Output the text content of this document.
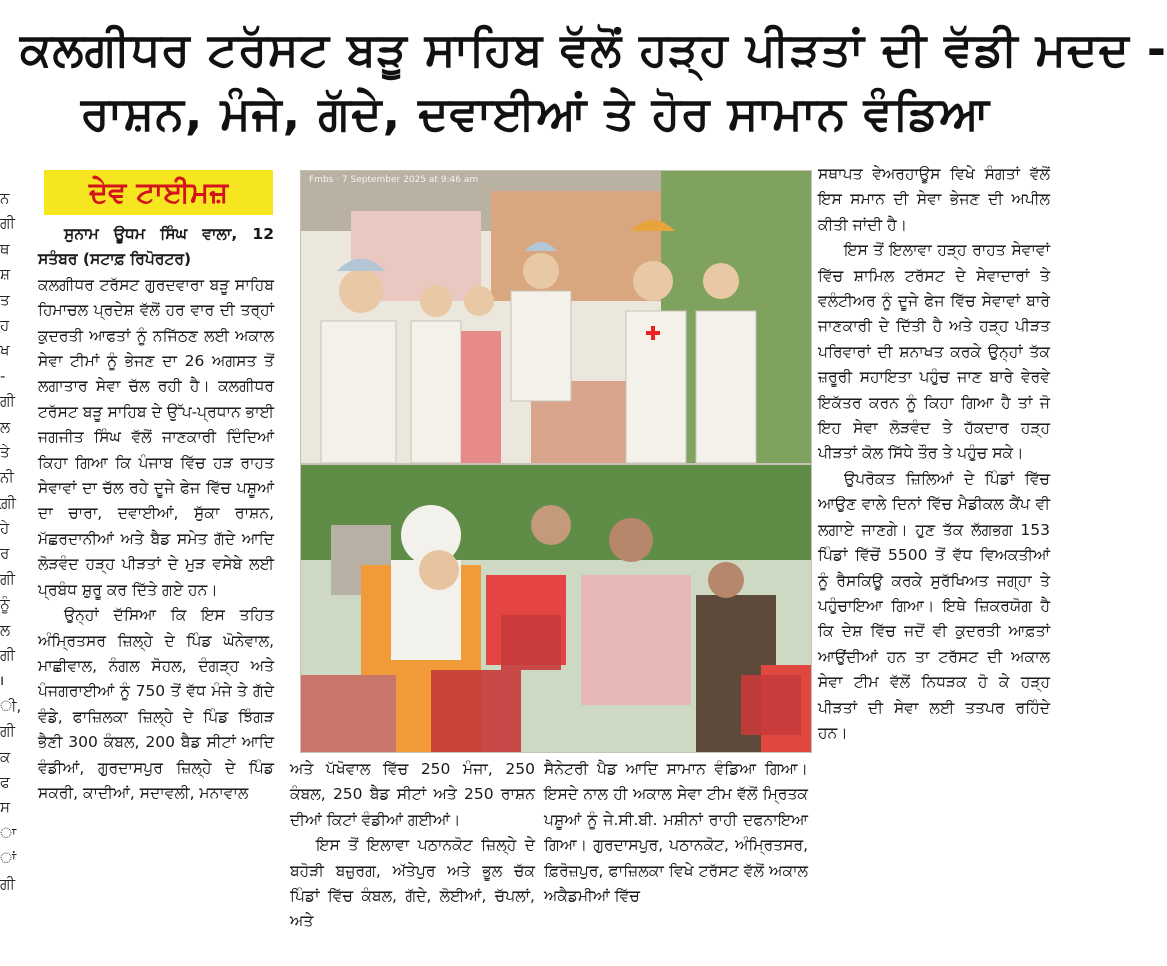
ਕਲਗੀਧਰ ਟਰੱਸਟ ਬੜੂ ਸਾਹਿਬ ਵੱਲੋਂ ਹੜ੍ਹ ਪੀੜਤਾਂ ਦੀ ਵੱਡੀ ਮਦਦ -
ਰਾਸ਼ਨ, ਮੰਜੇ, ਗੱਦੇ, ਦਵਾਈਆਂ ਤੇ ਹੋਰ ਸਾਮਾਨ ਵੰਡਿਆ
ਨ
ਗੀ
ਥ
ਸ਼
ਤ
ਹ
ਖ
-
ਗੀ
ਲ
ਤੇ
ਨੀ
ਗ਼ੀ
ਹੇ
ਰ
ਗੀ
ਨੂੰ
ਲ
ਗੀ
ı
ੀ,
ਗੀ
ਕ
ਫ
ਸ
ਾ
ਾਂ
ਗੀ
ਦੇਵ ਟਾਈਮਜ਼

ਸੁਨਾਮ ਊਧਮ ਸਿੰਘ ਵਾਲਾ, 12 ਸਤੰਬਰ (ਸਟਾਫ਼ ਰਿਪੋਰਟਰ)

ਕਲਗੀਧਰ ਟਰੱਸਟ ਗੁਰਦਵਾਰਾ ਬੜੂ ਸਾਹਿਬ ਹਿਮਾਚਲ ਪ੍ਰਦੇਸ਼ ਵੱਲੋਂ ਹਰ ਵਾਰ ਦੀ ਤਰ੍ਹਾਂ ਕੁਦਰਤੀ ਆਫਤਾਂ ਨੂੰ ਨਜਿੱਠਣ ਲਈ ਅਕਾਲ ਸੇਵਾ ਟੀਮਾਂ ਨੂੰ ਭੇਜਣ ਦਾ 26 ਅਗਸਤ ਤੋਂ ਲਗਾਤਾਰ ਸੇਵਾ ਚੱਲ ਰਹੀ ਹੈ। ਕਲਗੀਧਰ ਟਰੱਸਟ ਬੜੂ ਸਾਹਿਬ ਦੇ ਉੱਪ-ਪ੍ਰਧਾਨ ਭਾਈ ਜਗਜੀਤ ਸਿੰਘ ਵੱਲੋਂ ਜਾਣਕਾਰੀ ਦਿੰਦਿਆਂ ਕਿਹਾ ਗਿਆ ਕਿ ਪੰਜਾਬ ਵਿੱਚ ਹੜ ਰਾਹਤ ਸੇਵਾਵਾਂ ਦਾ ਚੱਲ ਰਹੇ ਦੂਜੇ ਫੇਜ ਵਿੱਚ ਪਸ਼ੂਆਂ ਦਾ ਚਾਰਾ, ਦਵਾਈਆਂ, ਸੁੱਕਾ ਰਾਸ਼ਨ, ਮੱਛਰਦਾਨੀਆਂ ਅਤੇ ਬੈਡ ਸਮੇਤ ਗੱਦੇ ਆਦਿ ਲੋੜਵੰਦ ਹੜ੍ਹ ਪੀੜਤਾਂ ਦੇ ਮੁੜ ਵਸੇਬੇ ਲਈ ਪ੍ਰਬੰਧ ਸ਼ੁਰੂ ਕਰ ਦਿੱਤੇ ਗਏ ਹਨ।

ਉਨ੍ਹਾਂ ਦੱਸਿਆ ਕਿ ਇਸ ਤਹਿਤ ਅੰਮ੍ਰਿਤਸਰ ਜ਼ਿਲ੍ਹੇ ਦੇ ਪਿੰਡ ਘੋਨੇਵਾਲ, ਮਾਛੀਵਾਲ, ਨੰਗਲ ਸੋਹਲ, ਦੰਗੜ੍ਹ ਅਤੇ ਪੰਜਗਰਾਈਆਂ ਨੂੰ 750 ਤੋਂ ਵੱਧ ਮੰਜੇ ਤੇ ਗੱਦੇ ਵੰਡੇ, ਫਾਜ਼ਿਲਕਾ ਜ਼ਿਲ੍ਹੇ ਦੇ ਪਿੰਡ ਝਿੰਗੜ ਭੈਣੀ 300 ਕੰਬਲ, 200 ਬੈਡ ਸੀਟਾਂ ਆਦਿ ਵੰਡੀਆਂ, ਗੁਰਦਾਸਪੁਰ ਜ਼ਿਲ੍ਹੇ ਦੇ ਪਿੰਡ ਸਕਰੀ, ਕਾਦੀਆਂ, ਸਦਾਵਲੀ, ਮਨਾਵਾਲ

Fmbs · 7 September 2025 at 9:46 am

ਅਤੇ ਪੱਖੋਵਾਲ ਵਿੱਚ 250 ਮੰਜਾ, 250 ਕੰਬਲ, 250 ਬੈਡ ਸੀਟਾਂ ਅਤੇ 250 ਰਾਸ਼ਨ ਦੀਆਂ ਕਿਟਾਂ ਵੰਡੀਆਂ ਗਈਆਂ।

ਇਸ ਤੋਂ ਇਲਾਵਾ ਪਠਾਨਕੋਟ ਜ਼ਿਲ੍ਹੇ ਦੇ ਬਹੋੜੀ ਬਜ਼ੁਰਗ, ਅੱਤੇਪੁਰ ਅਤੇ ਭੂਲ ਚੱਕ ਪਿੰਡਾਂ ਵਿੱਚ ਕੰਬਲ, ਗੱਦੇ, ਲੋਈਆਂ, ਚੱਪਲਾਂ, ਅਤੇ

ਸੈਨੇਟਰੀ ਪੈਡ ਆਦਿ ਸਾਮਾਨ ਵੰਡਿਆ ਗਿਆ। ਇਸਦੇ ਨਾਲ ਹੀ ਅਕਾਲ ਸੇਵਾ ਟੀਮ ਵੱਲੋਂ ਮ੍ਰਿਤਕ ਪਸ਼ੂਆਂ ਨੂੰ ਜੇ.ਸੀ.ਬੀ. ਮਸ਼ੀਨਾਂ ਰਾਹੀ ਦਫਨਾਇਆ ਗਿਆ। ਗੁਰਦਾਸਪੁਰ, ਪਠਾਨਕੋਟ, ਅੰਮ੍ਰਿਤਸਰ, ਫ਼ਿਰੋਜ਼ਪੁਰ, ਫਾਜ਼ਿਲਕਾ ਵਿਖੇ ਟਰੱਸਟ ਵੱਲੋਂ ਅਕਾਲ ਅਕੈਡਮੀਆਂ ਵਿੱਚ

ਸਥਾਪਤ ਵੇਅਰਹਾਊਸ ਵਿਖੇ ਸੰਗਤਾਂ ਵੱਲੋਂ ਇਸ ਸਮਾਨ ਦੀ ਸੇਵਾ ਭੇਜਣ ਦੀ ਅਪੀਲ ਕੀਤੀ ਜਾਂਦੀ ਹੈ।

ਇਸ ਤੋਂ ਇਲਾਵਾ ਹੜ੍ਹ ਰਾਹਤ ਸੇਵਾਵਾਂ ਵਿੱਚ ਸ਼ਾਮਿਲ ਟਰੱਸਟ ਦੇ ਸੇਵਾਦਾਰਾਂ ਤੇ ਵਲੰਟੀਅਰ ਨੂੰ ਦੂਜੇ ਫੇਜ ਵਿੱਚ ਸੇਵਾਵਾਂ ਬਾਰੇ ਜਾਣਕਾਰੀ ਦੇ ਦਿੱਤੀ ਹੈ ਅਤੇ ਹੜ੍ਹ ਪੀੜਤ ਪਰਿਵਾਰਾਂ ਦੀ ਸ਼ਨਾਖਤ ਕਰਕੇ ਉਨ੍ਹਾਂ ਤੱਕ ਜ਼ਰੂਰੀ ਸਹਾਇਤਾ ਪਹੁੰਚ ਜਾਣ ਬਾਰੇ ਵੇਰਵੇ ਇਕੱਤਰ ਕਰਨ ਨੂੰ ਕਿਹਾ ਗਿਆ ਹੈ ਤਾਂ ਜੋ ਇਹ ਸੇਵਾ ਲੋੜਵੰਦ ਤੇ ਹੱਕਦਾਰ ਹੜ੍ਹ ਪੀੜਤਾਂ ਕੋਲ ਸਿੱਧੇ ਤੌਰ ਤੇ ਪਹੁੰਚ ਸਕੇ।

ਉਪਰੋਕਤ ਜ਼ਿਲਿਆਂ ਦੇ ਪਿੰਡਾਂ ਵਿੱਚ ਆਉਣ ਵਾਲੇ ਦਿਨਾਂ ਵਿੱਚ ਮੈਡੀਕਲ ਕੈਂਪ ਵੀ ਲਗਾਏ ਜਾਣਗੇ। ਹੁਣ ਤੱਕ ਲੱਗਭਗ 153 ਪਿੰਡਾਂ ਵਿੱਚੋਂ 5500 ਤੋਂ ਵੱਧ ਵਿਅਕਤੀਆਂ ਨੂੰ ਰੈਸਕਿਊ ਕਰਕੇ ਸੁਰੱਖਿਅਤ ਜਗ੍ਹਾ ਤੇ ਪਹੁੰਚਾਇਆ ਗਿਆ। ਇਥੇ ਜ਼ਿਕਰਯੋਗ ਹੈ ਕਿ ਦੇਸ਼ ਵਿੱਚ ਜਦੋਂ ਵੀ ਕੁਦਰਤੀ ਆਫ਼ਤਾਂ ਆਉਂਦੀਆਂ ਹਨ ਤਾ ਟਰੱਸਟ ਦੀ ਅਕਾਲ ਸੇਵਾ ਟੀਮ ਵੱਲੋਂ ਨਿਧੜਕ ਹੋ ਕੇ ਹੜ੍ਹ ਪੀੜਤਾਂ ਦੀ ਸੇਵਾ ਲਈ ਤਤਪਰ ਰਹਿੰਦੇ ਹਨ।
